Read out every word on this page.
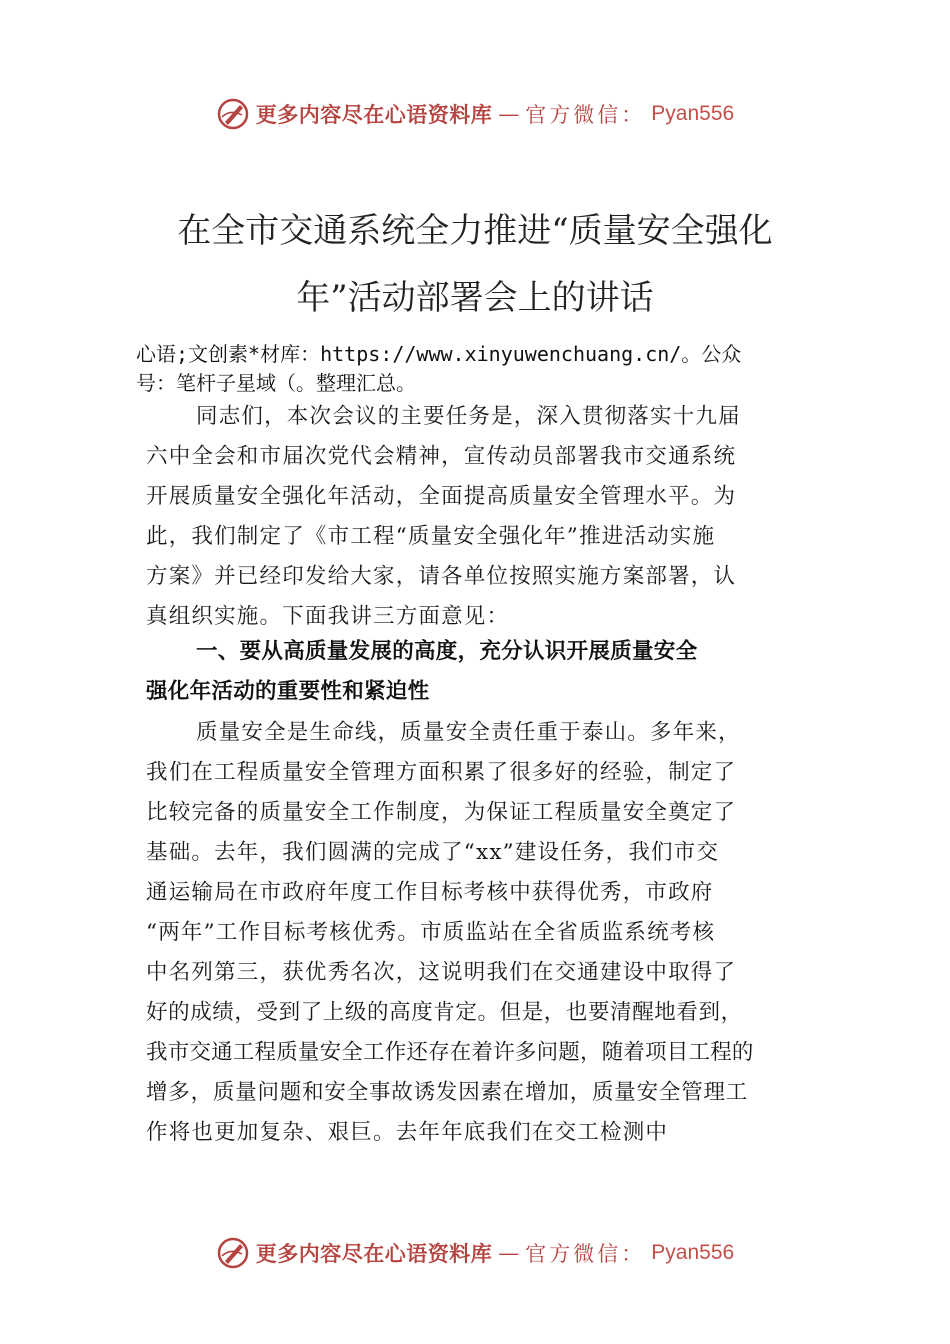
更多内容尽在心语资料库 — 官方微信： Pyan556
在全市交通系统全力推进“质量安全强化
年”活动部署会上的讲话
心语;文创素*材库：https://www.xinyuwenchuang.cn/。公众
号：笔杆子星域（。整理汇总。
同志们，本次会议的主要任务是，深入贯彻落实十九届
六中全会和市届次党代会精神，宣传动员部署我市交通系统
开展质量安全强化年活动，全面提高质量安全管理水平。为
此，我们制定了《市工程“质量安全强化年”推进活动实施
方案》并已经印发给大家，请各单位按照实施方案部署，认
真组织实施。下面我讲三方面意见：
一、要从高质量发展的高度，充分认识开展质量安全
强化年活动的重要性和紧迫性
质量安全是生命线，质量安全责任重于泰山。多年来，
我们在工程质量安全管理方面积累了很多好的经验，制定了
比较完备的质量安全工作制度，为保证工程质量安全奠定了
基础。去年，我们圆满的完成了“xx”建设任务，我们市交
通运输局在市政府年度工作目标考核中获得优秀，市政府
“两年”工作目标考核优秀。市质监站在全省质监系统考核
中名列第三，获优秀名次，这说明我们在交通建设中取得了
好的成绩，受到了上级的高度肯定。但是，也要清醒地看到，
我市交通工程质量安全工作还存在着许多问题，随着项目工程的
增多，质量问题和安全事故诱发因素在增加，质量安全管理工
作将也更加复杂、艰巨。去年年底我们在交工检测中
更多内容尽在心语资料库 — 官方微信： Pyan556
